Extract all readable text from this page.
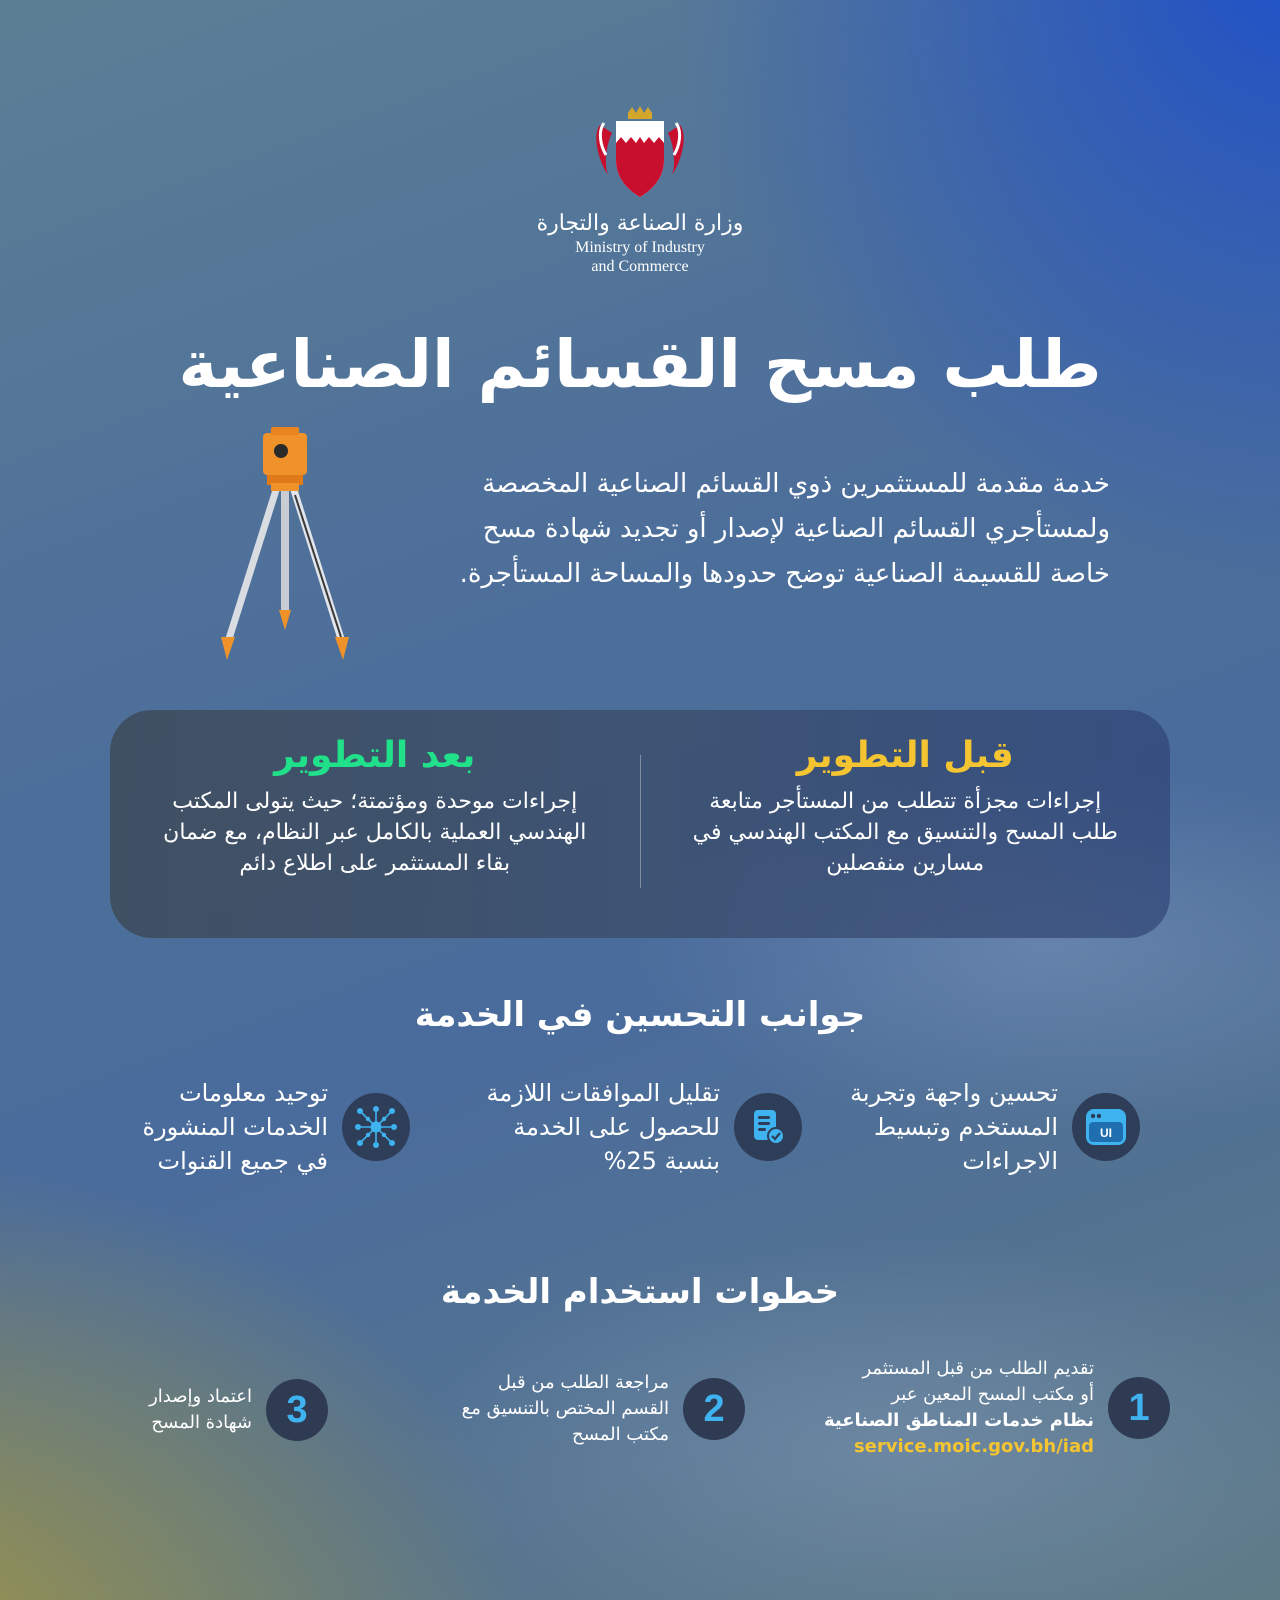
وزارة الصناعة والتجارة
Ministry of Industry
and Commerce
طلب مسح القسائم الصناعية

خدمة مقدمة للمستثمرين ذوي القسائم الصناعية المخصصة ولمستأجري القسائم الصناعية لإصدار أو تجديد شهادة مسح خاصة للقسيمة الصناعية توضح حدودها والمساحة المستأجرة.

قبل التطوير
إجراءات مجزأة تتطلب من المستأجر متابعة طلب المسح والتنسيق مع المكتب الهندسي في مسارين منفصلين
بعد التطوير
إجراءات موحدة ومؤتمتة؛ حيث يتولى المكتب الهندسي العملية بالكامل عبر النظام، مع ضمان بقاء المستثمر على اطلاع دائم
جوانب التحسين في الخدمة
UI
تحسين واجهة وتجربة
المستخدم وتبسيط
الاجراءات
تقليل الموافقات اللازمة
للحصول على الخدمة
بنسبة 25%
توحيد معلومات
الخدمات المنشورة
في جميع القنوات
خطوات استخدام الخدمة
1
تقديم الطلب من قبل المستثمر
أو مكتب المسح المعين عبر
نظام خدمات المناطق الصناعية
service.moic.gov.bh/iad
2
مراجعة الطلب من قبل
القسم المختص بالتنسيق مع
مكتب المسح
3
اعتماد وإصدار
شهادة المسح
